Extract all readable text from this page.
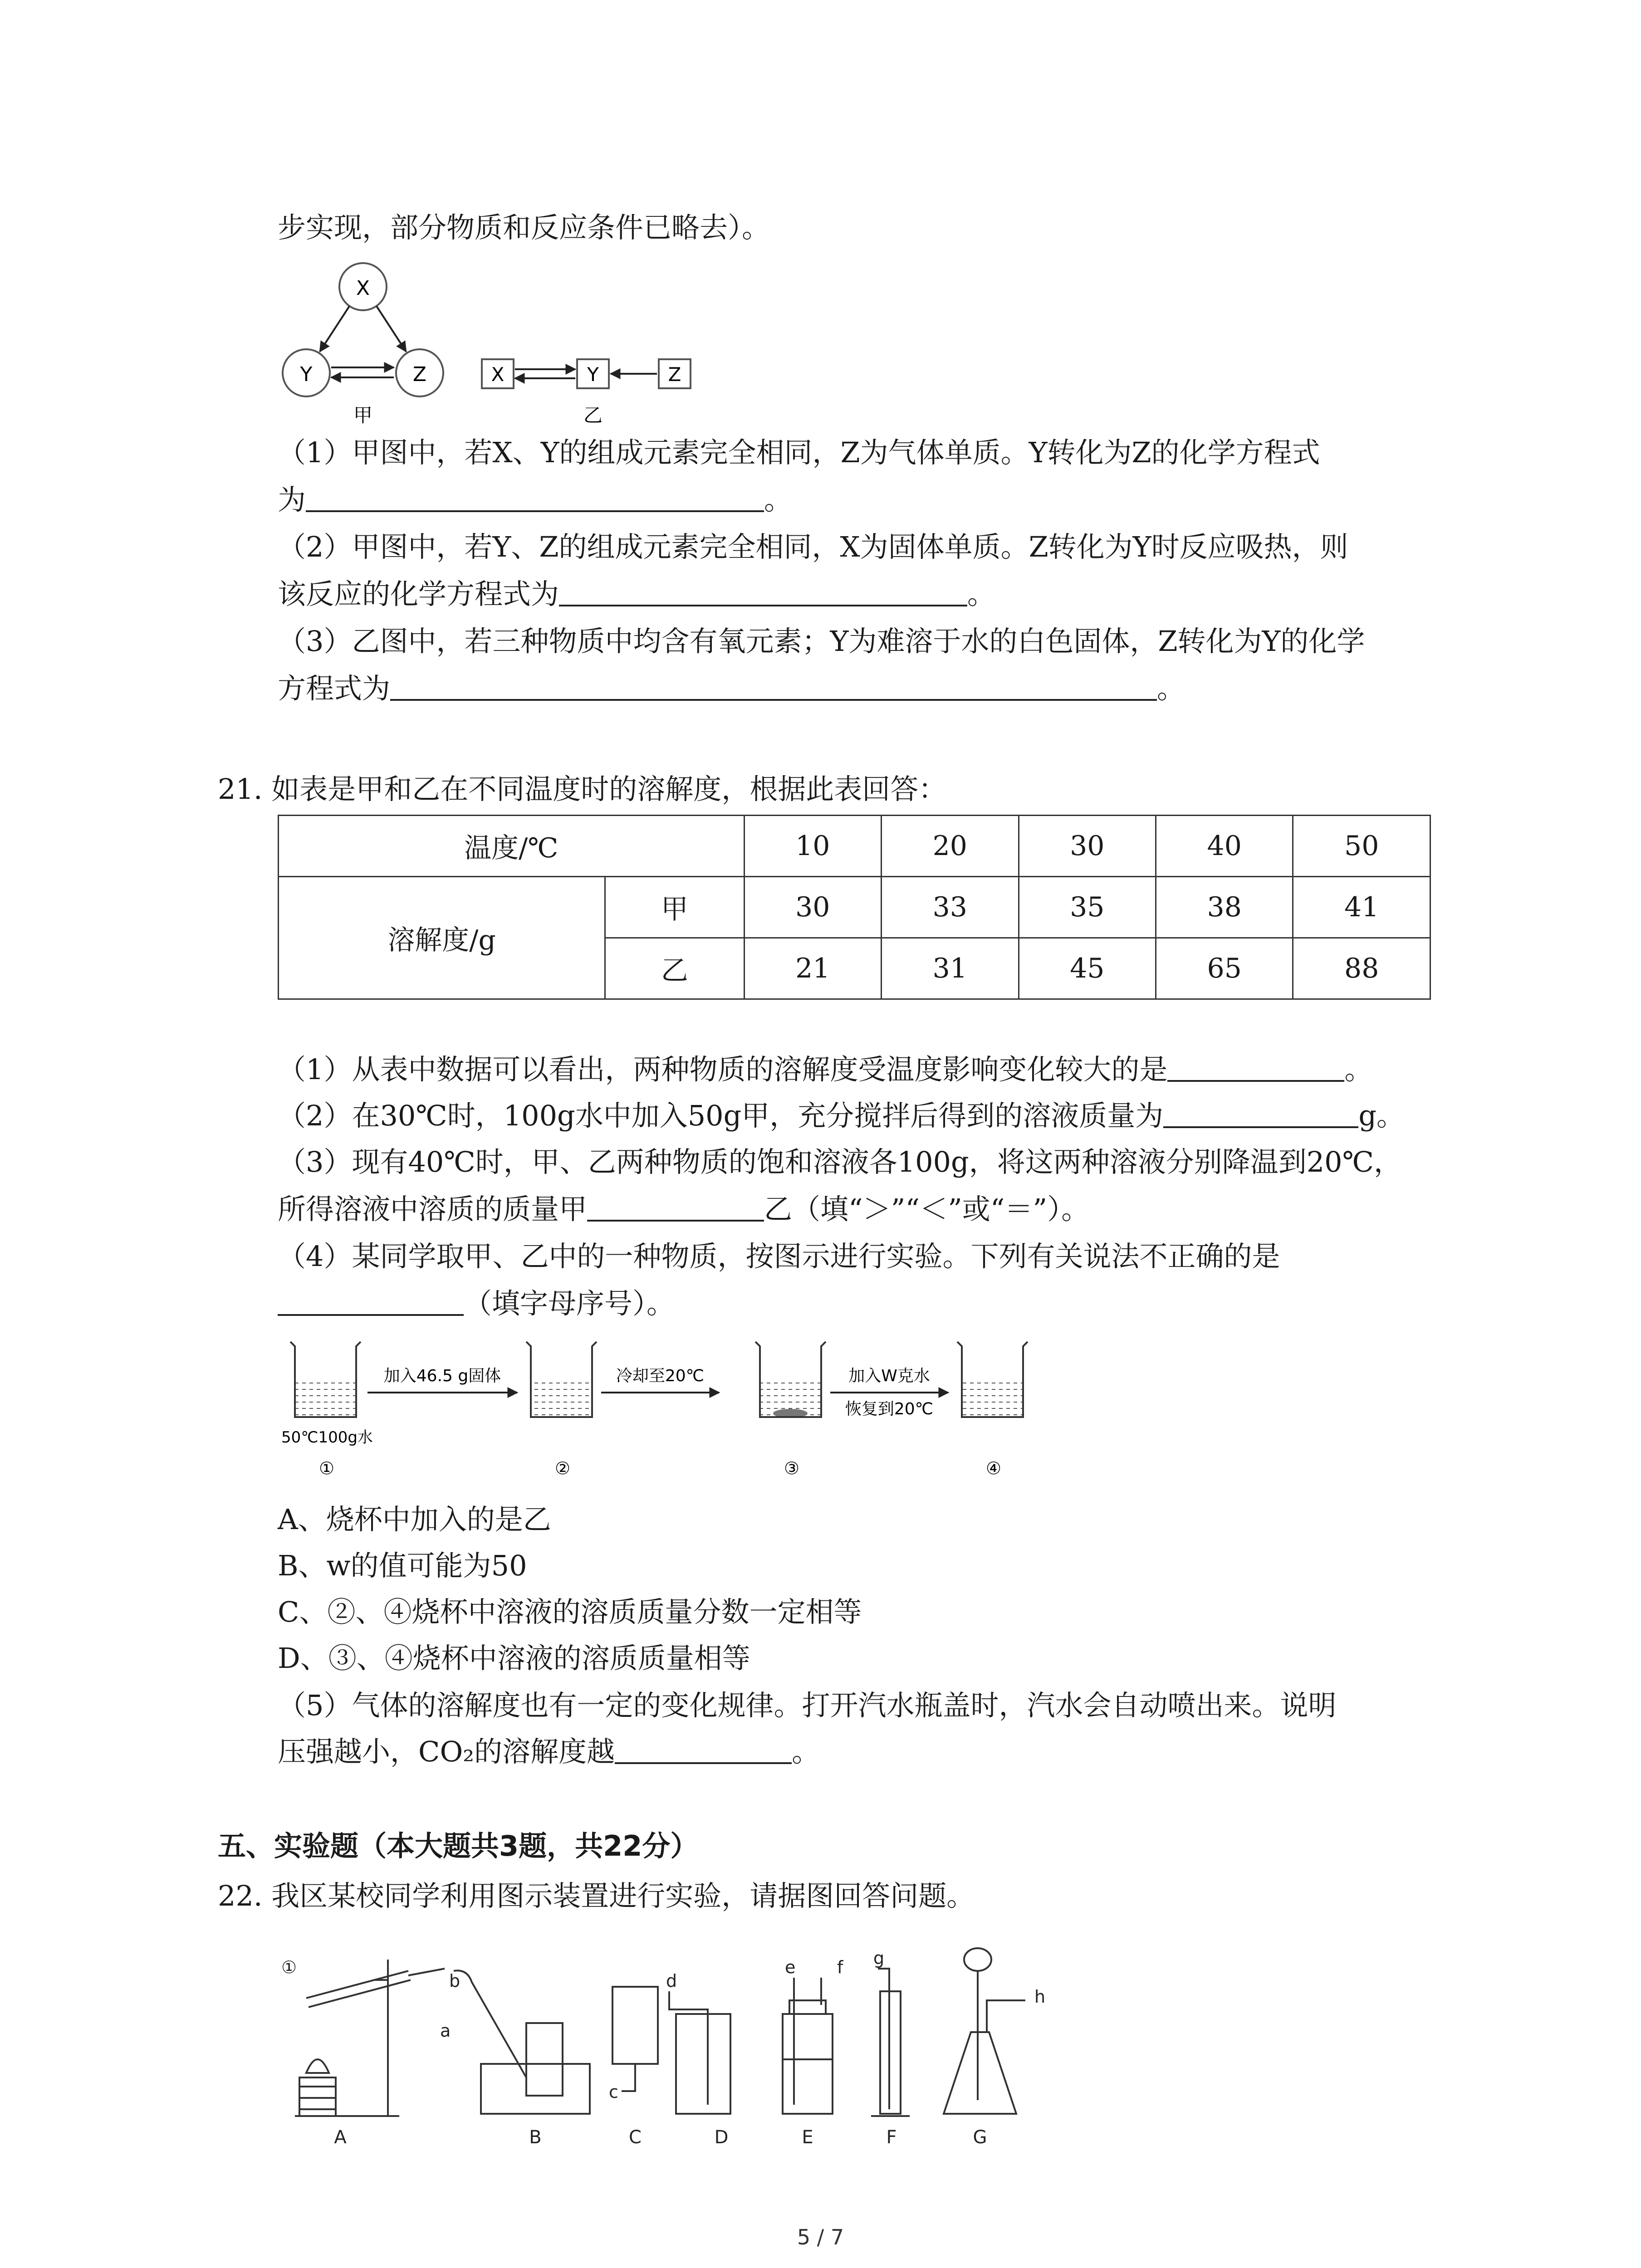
步实现，部分物质和反应条件已略去）。
X
Y	Z
甲
X	Y	Z
乙
（1）甲图中，若X、Y的组成元素完全相同，Z为气体单质。Y转化为Z的化学方程式
为	。
（2）甲图中，若Y、Z的组成元素完全相同，X为固体单质。Z转化为Y时反应吸热，则
该反应的化学方程式为	。
（3）乙图中，若三种物质中均含有氧元素；Y为难溶于水的白色固体，Z转化为Y的化学
方程式为	。
21. 如表是甲和乙在不同温度时的溶解度，根据此表回答：
温度/℃		10	20	30	40	50
溶解度/g	甲	30	33	35	38	41
	乙	21	31	45	65	88
（1）从表中数据可以看出，两种物质的溶解度受温度影响变化较大的是	。
（2）在30℃时，100g水中加入50g甲，充分搅拌后得到的溶液质量为	g。
（3）现有40℃时，甲、乙两种物质的饱和溶液各100g，将这两种溶液分别降温到20℃，
所得溶液中溶质的质量甲	乙（填“＞”“＜”或“＝”）。
（4）某同学取甲、乙中的一种物质，按图示进行实验。下列有关说法不正确的是
（填字母序号）。
50℃100g水
①
加入46.5 g固体
②
冷却至20℃
③
加入W克水
恢复到20℃
④
A、烧杯中加入的是乙
B、w的值可能为50
C、②、④烧杯中溶液的溶质质量分数一定相等
D、③、④烧杯中溶液的溶质质量相等
（5）气体的溶解度也有一定的变化规律。打开汽水瓶盖时，汽水会自动喷出来。说明
压强越小，CO₂的溶解度越	。
五、实验题（本大题共3题，共22分）
22. 我区某校同学利用图示装置进行实验，请据图回答问题。
①
a
b
c
d
e f g
h
A	B	C	D	E	F	G
5 / 7
